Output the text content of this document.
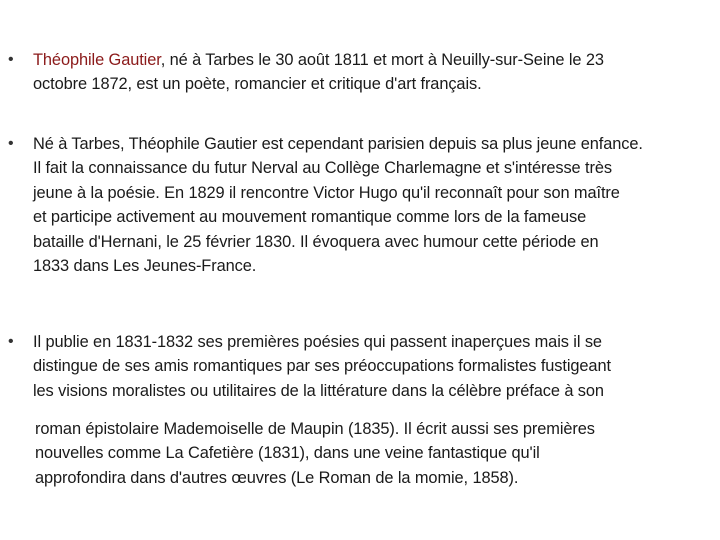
•	Théophile Gautier, né à Tarbes le 30 août 1811 et mort à Neuilly-sur-Seine le 23
octobre 1872, est un poète, romancier et critique d'art français.

•	Né à Tarbes, Théophile Gautier est cependant parisien depuis sa plus jeune enfance.
Il fait la connaissance du futur Nerval au Collège Charlemagne et s'intéresse très
jeune à la poésie. En 1829 il rencontre Victor Hugo qu'il reconnaît pour son maître
et participe activement au mouvement romantique comme lors de la fameuse
bataille d'Hernani, le 25 février 1830. Il évoquera avec humour cette période en
1833 dans Les Jeunes-France.

•	Il publie en 1831-1832 ses premières poésies qui passent inaperçues mais il se
distingue de ses amis romantiques par ses préoccupations formalistes fustigeant
les visions moralistes ou utilitaires de la littérature dans la célèbre préface à son

roman épistolaire Mademoiselle de Maupin (1835). Il écrit aussi ses premières
nouvelles comme La Cafetière (1831), dans une veine fantastique qu'il
approfondira dans d'autres œuvres (Le Roman de la momie, 1858).
